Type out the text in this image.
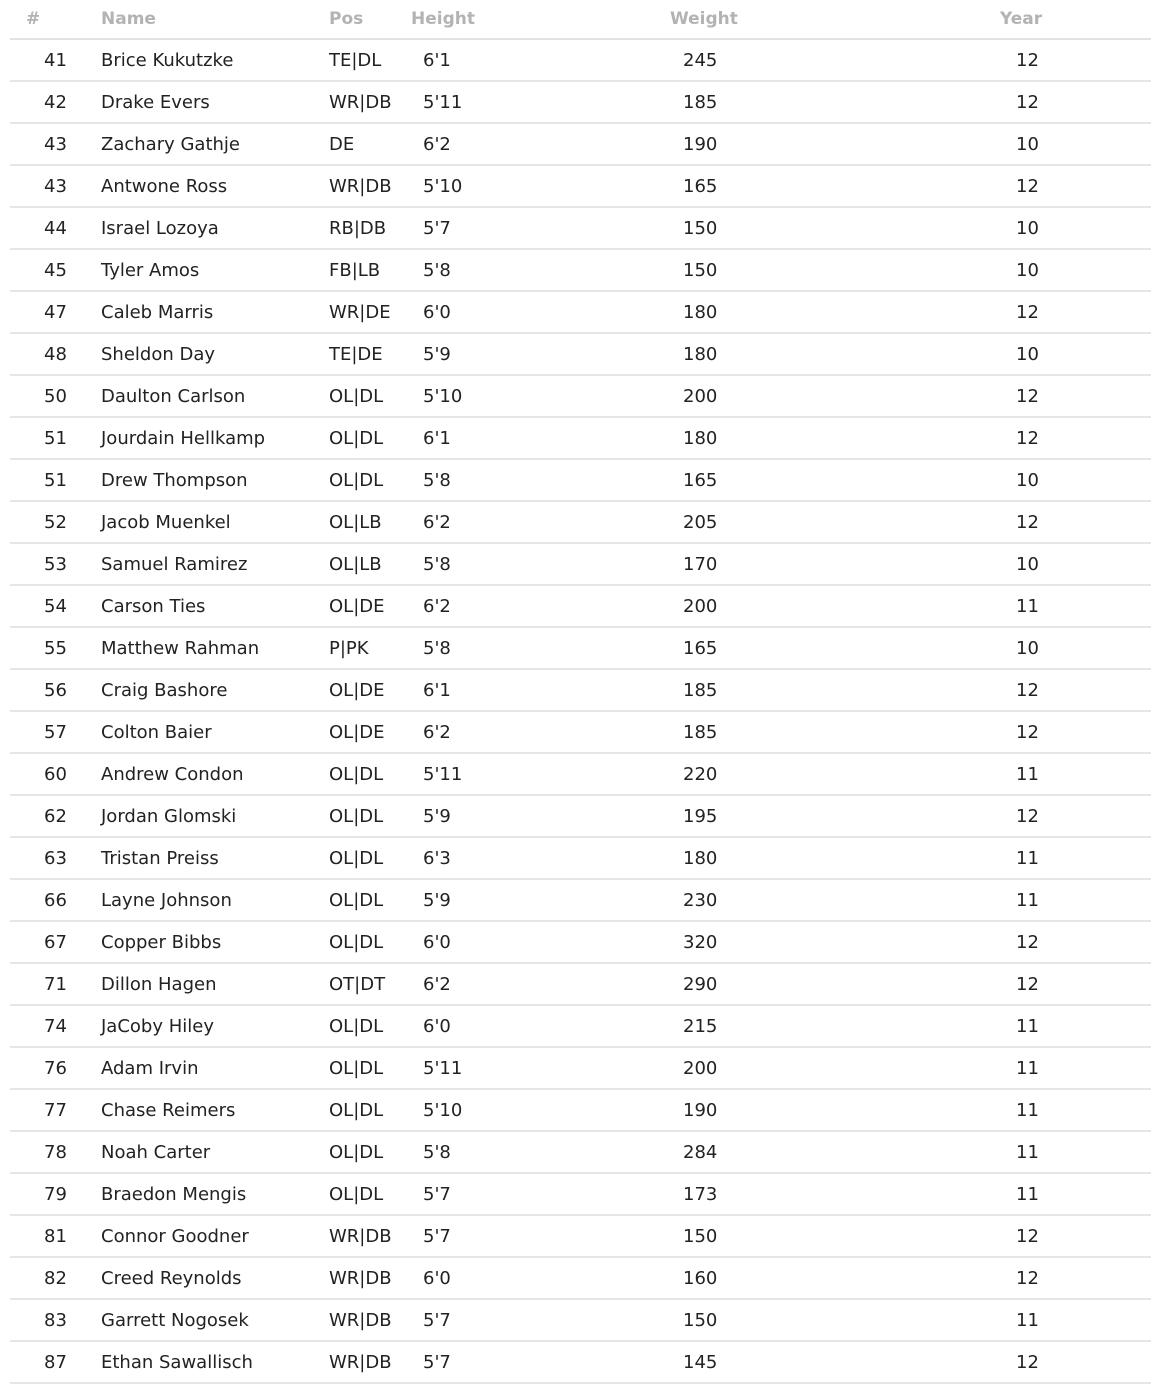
#	Name	Pos	Height	Weight	Year
41	Brice Kukutzke	TE|DL	6'1	245	12
42	Drake Evers	WR|DB	5'11	185	12
43	Zachary Gathje	DE	6'2	190	10
43	Antwone Ross	WR|DB	5'10	165	12
44	Israel Lozoya	RB|DB	5'7	150	10
45	Tyler Amos	FB|LB	5'8	150	10
47	Caleb Marris	WR|DE	6'0	180	12
48	Sheldon Day	TE|DE	5'9	180	10
50	Daulton Carlson	OL|DL	5'10	200	12
51	Jourdain Hellkamp	OL|DL	6'1	180	12
51	Drew Thompson	OL|DL	5'8	165	10
52	Jacob Muenkel	OL|LB	6'2	205	12
53	Samuel Ramirez	OL|LB	5'8	170	10
54	Carson Ties	OL|DE	6'2	200	11
55	Matthew Rahman	P|PK	5'8	165	10
56	Craig Bashore	OL|DE	6'1	185	12
57	Colton Baier	OL|DE	6'2	185	12
60	Andrew Condon	OL|DL	5'11	220	11
62	Jordan Glomski	OL|DL	5'9	195	12
63	Tristan Preiss	OL|DL	6'3	180	11
66	Layne Johnson	OL|DL	5'9	230	11
67	Copper Bibbs	OL|DL	6'0	320	12
71	Dillon Hagen	OT|DT	6'2	290	12
74	JaCoby Hiley	OL|DL	6'0	215	11
76	Adam Irvin	OL|DL	5'11	200	11
77	Chase Reimers	OL|DL	5'10	190	11
78	Noah Carter	OL|DL	5'8	284	11
79	Braedon Mengis	OL|DL	5'7	173	11
81	Connor Goodner	WR|DB	5'7	150	12
82	Creed Reynolds	WR|DB	6'0	160	12
83	Garrett Nogosek	WR|DB	5'7	150	11
87	Ethan Sawallisch	WR|DB	5'7	145	12
